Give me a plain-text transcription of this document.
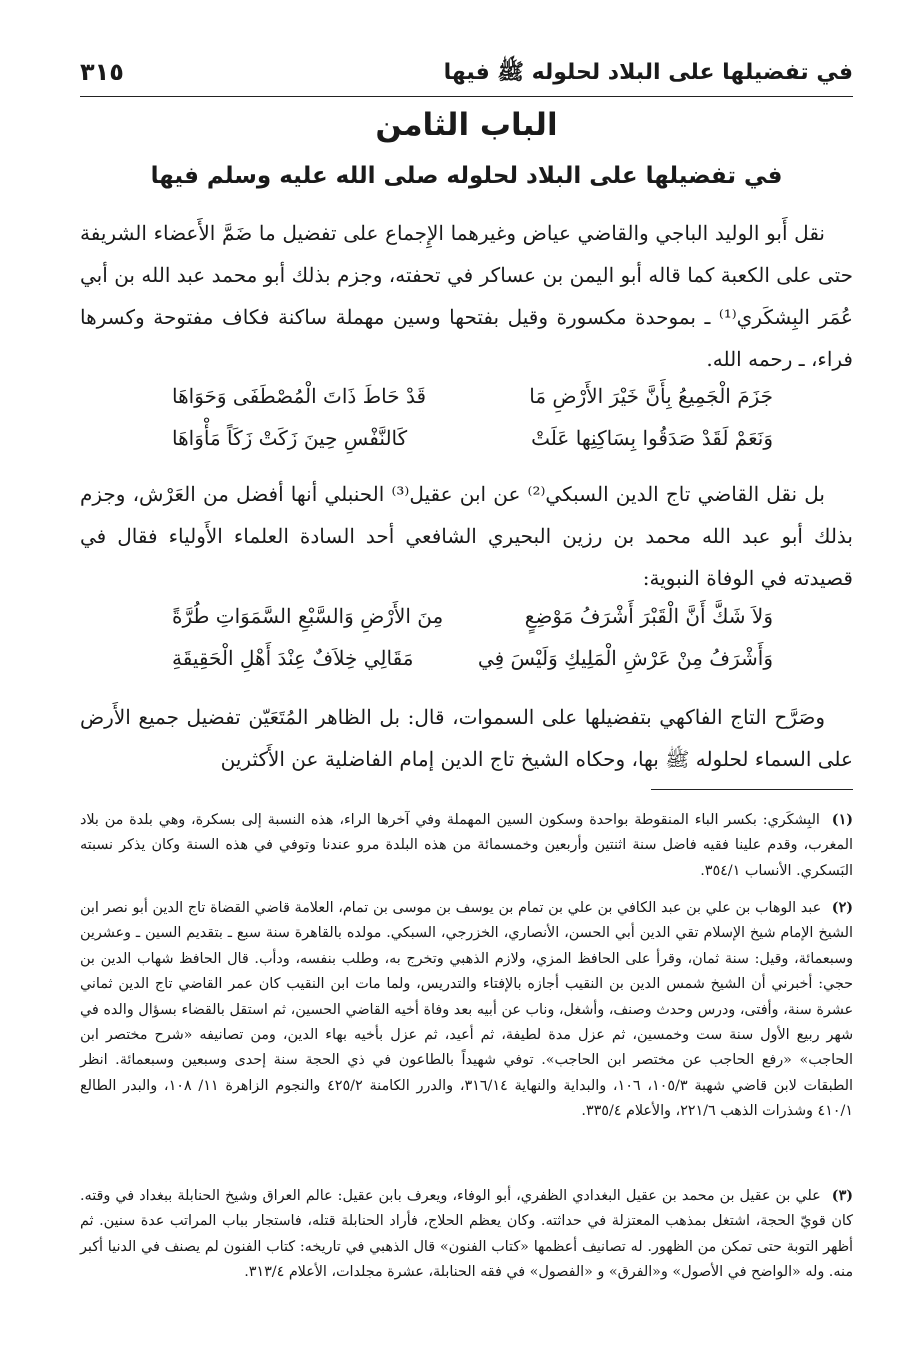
في تفضيلها على البلاد لحلوله ﷺ فيها
٣١٥
الباب الثامن
في تفضيلها على البلاد لحلوله صلى الله عليه وسلم فيها

نقل أَبو الوليد الباجي والقاضي عياض وغيرهما الإِجماع على تفضيل ما ضَمَّ الأَعضاء الشريفة حتى على الكعبة كما قاله أبو اليمن بن عساكر في تحفته، وجزم بذلك أبو محمد عبد الله بن أبي عُمَر البِشكَري⁽¹⁾ ـ بموحدة مكسورة وقيل بفتحها وسين مهملة ساكنة فكاف مفتوحة وكسرها فراء، ـ رحمه الله.

جَزَمَ الْجَمِيعُ بِأَنَّ خَيْرَ الأَرْضِ مَا
قَدْ حَاطَ ذَاتَ الْمُصْطَفَى وَحَوَاهَا
وَنَعَمْ لَقَدْ صَدَقُوا بِسَاكِنِها عَلَتْ
كَالنَّفْسِ حِينَ زَكَتْ زَكَاً مَأْوَاهَا

بل نقل القاضي تاج الدين السبكي⁽²⁾ عن ابن عقيل⁽³⁾ الحنبلي أنها أفضل من العَرْش، وجزم بذلك أبو عبد الله محمد بن رزين البحيري الشافعي أحد السادة العلماء الأَولياء فقال في قصيدته في الوفاة النبوية:

وَلاَ شَكَّ أَنَّ الْقَبْرَ أَشْرَفُ مَوْضِعٍ
مِنَ الأَرْضِ وَالسَّبْعِ السَّمَوَاتِ طُرَّةً
وَأَشْرَفُ مِنْ عَرْشِ الْمَلِيكِ وَلَيْسَ فِي
مَقَالِي خِلاَفٌ عِنْدَ أَهْلِ الْحَقِيقَةِ

وصَرَّح التاج الفاكهي بتفضيلها على السموات، قال: بل الظاهر المُتَعَيّن تفضيل جميع الأَرض على السماء لحلوله ﷺ بها، وحكاه الشيخ تاج الدين إمام الفاضلية عن الأَكثرين

(١) البِشكَري: بكسر الباء المنقوطة بواحدة وسكون السين المهملة وفي آخرها الراء، هذه النسبة إلى بسكرة، وهي بلدة من بلاد المغرب، وقدم علينا فقيه فاضل سنة اثنتين وأربعين وخمسمائة من هذه البلدة مرو عندنا وتوفي في هذه السنة وكان يذكر نسبته البَسكري. الأنساب ٣٥٤/١.
(٢) عبد الوهاب بن علي بن عبد الكافي بن علي بن تمام بن يوسف بن موسى بن تمام، العلامة قاضي القضاة تاج الدين أبو نصر ابن الشيخ الإمام شيخ الإسلام تقي الدين أبي الحسن، الأنصاري، الخزرجي، السبكي. مولده بالقاهرة سنة سبع ـ بتقديم السين ـ وعشرين وسبعمائة، وقيل: سنة ثمان، وقرأ على الحافظ المزي، ولازم الذهبي وتخرج به، وطلب بنفسه، ودأب. قال الحافظ شهاب الدين بن حجي: أخبرني أن الشيخ شمس الدين بن النقيب أجازه بالإفتاء والتدريس، ولما مات ابن النقيب كان عمر القاضي تاج الدين ثماني عشرة سنة، وأفتى، ودرس وحدث وصنف، وأشغل، وناب عن أبيه بعد وفاة أخيه القاضي الحسين، ثم استقل بالقضاء بسؤال والده في شهر ربيع الأول سنة ست وخمسين، ثم عزل مدة لطيفة، ثم أعيد، ثم عزل بأخيه بهاء الدين، ومن تصانيفه «شرح مختصر ابن الحاجب» «رفع الحاجب عن مختصر ابن الحاجب». توفي شهيداً بالطاعون في ذي الحجة سنة إحدى وسبعين وسبعمائة. انظر الطبقات لابن قاضي شهبة ١٠٥/٣، ١٠٦، والبداية والنهاية ٣١٦/١٤، والدرر الكامنة ٤٢٥/٢ والنجوم الزاهرة ١١/ ١٠٨، والبدر الطالع ٤١٠/١ وشذرات الذهب ٢٢١/٦، والأعلام ٣٣٥/٤.
(٣) علي بن عقيل بن محمد بن عقيل البغدادي الظفري، أبو الوفاء، ويعرف بابن عقيل: عالم العراق وشيخ الحنابلة ببغداد في وقته. كان قويّ الحجة، اشتغل بمذهب المعتزلة في حداثته. وكان يعظم الحلاج، فأراد الحنابلة قتله، فاستجار بباب المراتب عدة سنين. ثم أظهر التوبة حتى تمكن من الظهور. له تصانيف أعظمها «كتاب الفنون» قال الذهبي في تاريخه: كتاب الفنون لم يصنف في الدنيا أكبر منه. وله «الواضح في الأصول» و«الفرق» و «الفصول» في فقه الحنابلة، عشرة مجلدات، الأعلام ٣١٣/٤.
